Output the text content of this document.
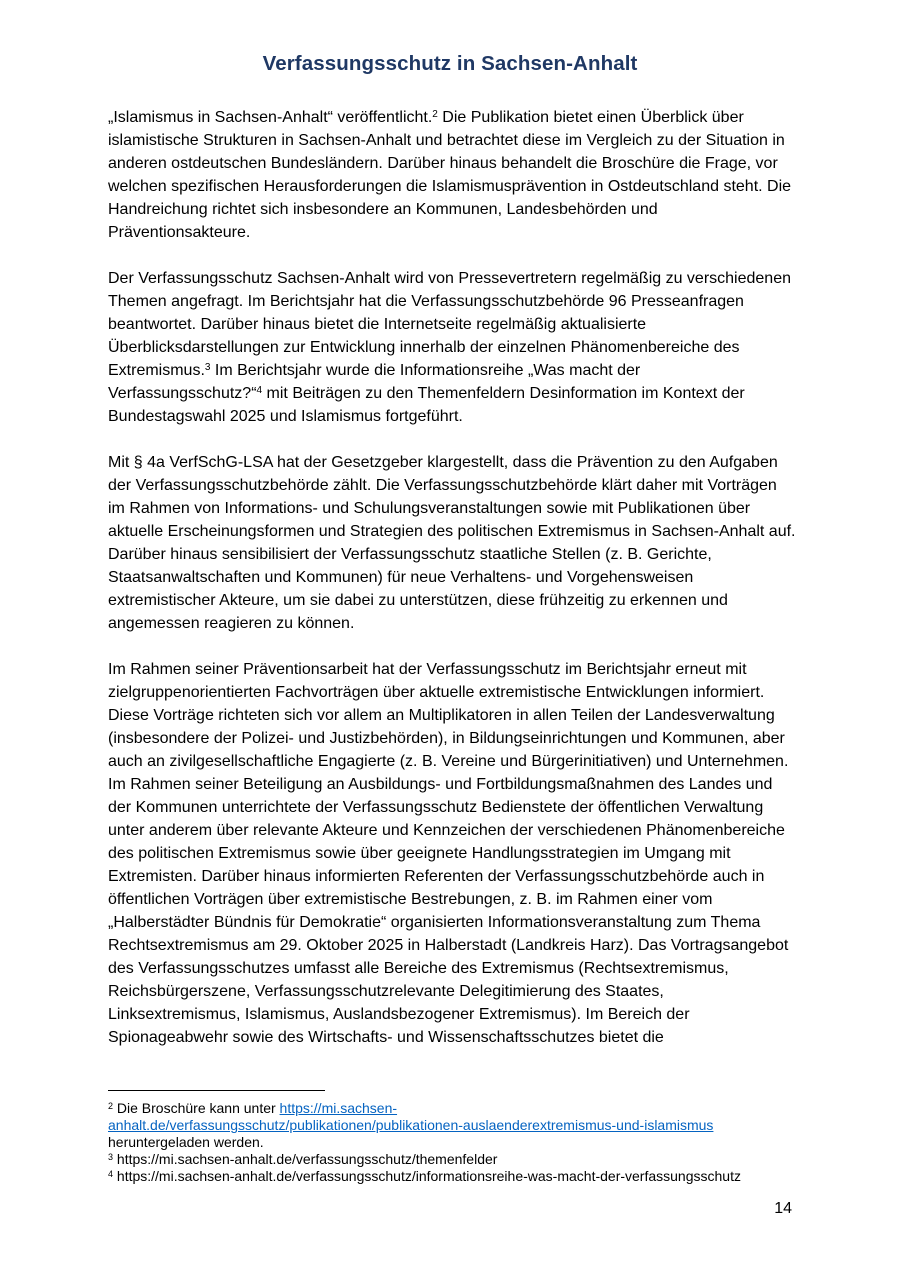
Verfassungsschutz in Sachsen-Anhalt

„Islamismus in Sachsen-Anhalt“ veröffentlicht.$^2$ Die Publikation bietet einen Überblick über islamistische Strukturen in Sachsen-Anhalt und betrachtet diese im Vergleich zu der Situation in anderen ostdeutschen Bundesländern. Darüber hinaus behandelt die Broschüre die Frage, vor welchen spezifischen Herausforderungen die Islamismusprävention in Ostdeutschland steht. Die Handreichung richtet sich insbesondere an Kommunen, Landesbehörden und Präventionsakteure.

Der Verfassungsschutz Sachsen-Anhalt wird von Pressevertretern regelmäßig zu verschiedenen Themen angefragt. Im Berichtsjahr hat die Verfassungsschutzbehörde 96 Presseanfragen beantwortet. Darüber hinaus bietet die Internetseite regelmäßig aktualisierte Überblicksdarstellungen zur Entwicklung innerhalb der einzelnen Phänomenbereiche des Extremismus.$^3$ Im Berichtsjahr wurde die Informationsreihe „Was macht der Verfassungsschutz?“$^4$ mit Beiträgen zu den Themenfeldern Desinformation im Kontext der Bundestagswahl 2025 und Islamismus fortgeführt.

Mit § 4a VerfSchG-LSA hat der Gesetzgeber klargestellt, dass die Prävention zu den Aufgaben der Verfassungsschutzbehörde zählt. Die Verfassungsschutzbehörde klärt daher mit Vorträgen im Rahmen von Informations- und Schulungsveranstaltungen sowie mit Publikationen über aktuelle Erscheinungsformen und Strategien des politischen Extremismus in Sachsen-Anhalt auf. Darüber hinaus sensibilisiert der Verfassungsschutz staatliche Stellen (z. B. Gerichte, Staatsanwaltschaften und Kommunen) für neue Verhaltens- und Vorgehensweisen extremistischer Akteure, um sie dabei zu unterstützen, diese frühzeitig zu erkennen und angemessen reagieren zu können.

Im Rahmen seiner Präventionsarbeit hat der Verfassungsschutz im Berichtsjahr erneut mit zielgruppenorientierten Fachvorträgen über aktuelle extremistische Entwicklungen informiert. Diese Vorträge richteten sich vor allem an Multiplikatoren in allen Teilen der Landesverwaltung (insbesondere der Polizei- und Justizbehörden), in Bildungseinrichtungen und Kommunen, aber auch an zivilgesellschaftliche Engagierte (z. B. Vereine und Bürgerinitiativen) und Unternehmen. Im Rahmen seiner Beteiligung an Ausbildungs- und Fortbildungsmaßnahmen des Landes und der Kommunen unterrichtete der Verfassungsschutz Bedienstete der öffentlichen Verwaltung unter anderem über relevante Akteure und Kennzeichen der verschiedenen Phänomenbereiche des politischen Extremismus sowie über geeignete Handlungsstrategien im Umgang mit Extremisten. Darüber hinaus informierten Referenten der Verfassungsschutzbehörde auch in öffentlichen Vorträgen über extremistische Bestrebungen, z. B. im Rahmen einer vom „Halberstädter Bündnis für Demokratie“ organisierten Informationsveranstaltung zum Thema Rechtsextremismus am 29. Oktober 2025 in Halberstadt (Landkreis Harz). Das Vortragsangebot des Verfassungsschutzes umfasst alle Bereiche des Extremismus (Rechtsextremismus, Reichsbürgerszene, Verfassungsschutzrelevante Delegitimierung des Staates, Linksextremismus, Islamismus, Auslandsbezogener Extremismus). Im Bereich der Spionageabwehr sowie des Wirtschafts- und Wissenschaftsschutzes bietet die

$^2$ Die Broschüre kann unter https://mi.sachsen-
anhalt.de/verfassungsschutz/publikationen/publikationen-auslaenderextremismus-und-islamismus
heruntergeladen werden.
$^3$ https://mi.sachsen-anhalt.de/verfassungsschutz/themenfelder
$^4$ https://mi.sachsen-anhalt.de/verfassungsschutz/informationsreihe-was-macht-der-verfassungsschutz
14
